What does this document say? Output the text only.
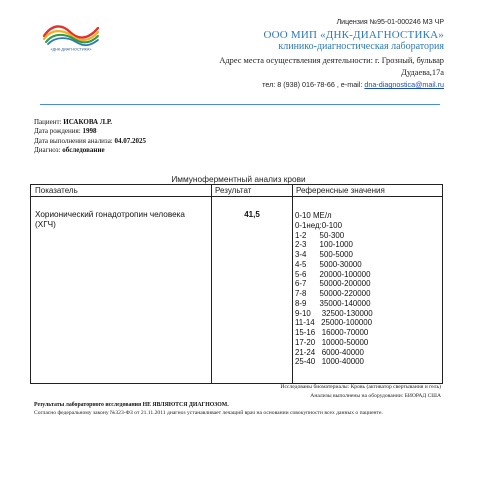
Лицензия №95-01-000246 МЗ ЧР
«ДНК-ДИАГНОСТИКА»
ООО МИП «ДНК-ДИАГНОСТИКА»
клинико-диагностическая лаборатория
Адрес места осуществления деятельности: г. Грозный, бульвар
Дудаева,17а
тел: 8 (938) 016-78-66 , e-mail: dna-diagnostica@mail.ru
Пациент: ИСАКОВА Л.Р.
Дата рождения: 1998
Дата выполнения анализа: 04.07.2025
Диагноз: обследование
Иммуноферментный анализ крови
Показатель	Результат	Референсные значения
Хорионический гонадотропин человека (ХГЧ)
41,5	0-10 МЕ/л
0-1нед:0-100
1-2      50-300
2-3      100-1000
3-4      500-5000
4-5      5000-30000
5-6      20000-100000
6-7      50000-200000
7-8      50000-220000
8-9      35000-140000
9-10     32500-130000
11-14   25000-100000
15-16   16000-70000
17-20   10000-50000
21-24   6000-40000
25-40   1000-40000
Исследованы биоматериалы: Кровь (активатор свертывания и гель)
Анализы выполнены на оборудовании: БИОРАД США
Результаты лабораторного исследования НЕ ЯВЛЯЮТСЯ ДИАГНОЗОМ.
Согласно федеральному закону №323-ФЗ от 21.11.2011 диагноз устанавливает лечащий врач на основании совокупности всех данных о пациенте.
